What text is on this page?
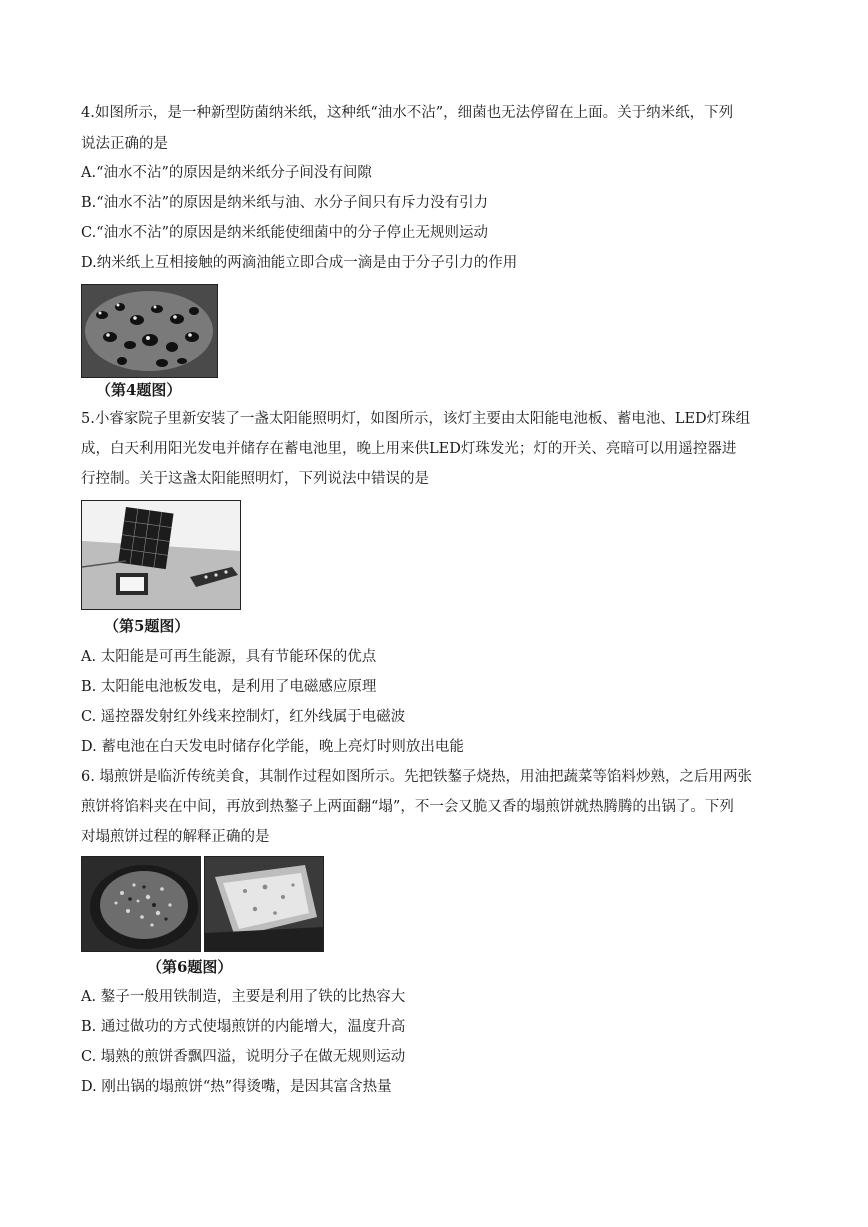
4.如图所示，是一种新型防菌纳米纸，这种纸“油水不沾”，细菌也无法停留在上面。关于纳米纸，下列
说法正确的是
A.“油水不沾”的原因是纳米纸分子间没有间隙
B.“油水不沾”的原因是纳米纸与油、水分子间只有斥力没有引力
C.“油水不沾”的原因是纳米纸能使细菌中的分子停止无规则运动
D.纳米纸上互相接触的两滴油能立即合成一滴是由于分子引力的作用
（第4题图）
5.小睿家院子里新安装了一盏太阳能照明灯，如图所示，该灯主要由太阳能电池板、蓄电池、LED灯珠组
成，白天利用阳光发电并储存在蓄电池里，晚上用来供LED灯珠发光；灯的开关、亮暗可以用遥控器进
行控制。关于这盏太阳能照明灯，下列说法中错误的是
（第5题图）
A. 太阳能是可再生能源，具有节能环保的优点
B. 太阳能电池板发电，是利用了电磁感应原理
C. 遥控器发射红外线来控制灯，红外线属于电磁波
D. 蓄电池在白天发电时储存化学能，晚上亮灯时则放出电能
6. 塌煎饼是临沂传统美食，其制作过程如图所示。先把铁鏊子烧热，用油把蔬菜等馅料炒熟，之后用两张
煎饼将馅料夹在中间，再放到热鏊子上两面翻“塌”，不一会又脆又香的塌煎饼就热腾腾的出锅了。下列
对塌煎饼过程的解释正确的是
（第6题图）
A. 鏊子一般用铁制造，主要是利用了铁的比热容大
B. 通过做功的方式使塌煎饼的内能增大，温度升高
C. 塌熟的煎饼香飘四溢，说明分子在做无规则运动
D. 刚出锅的塌煎饼“热”得烫嘴，是因其富含热量
